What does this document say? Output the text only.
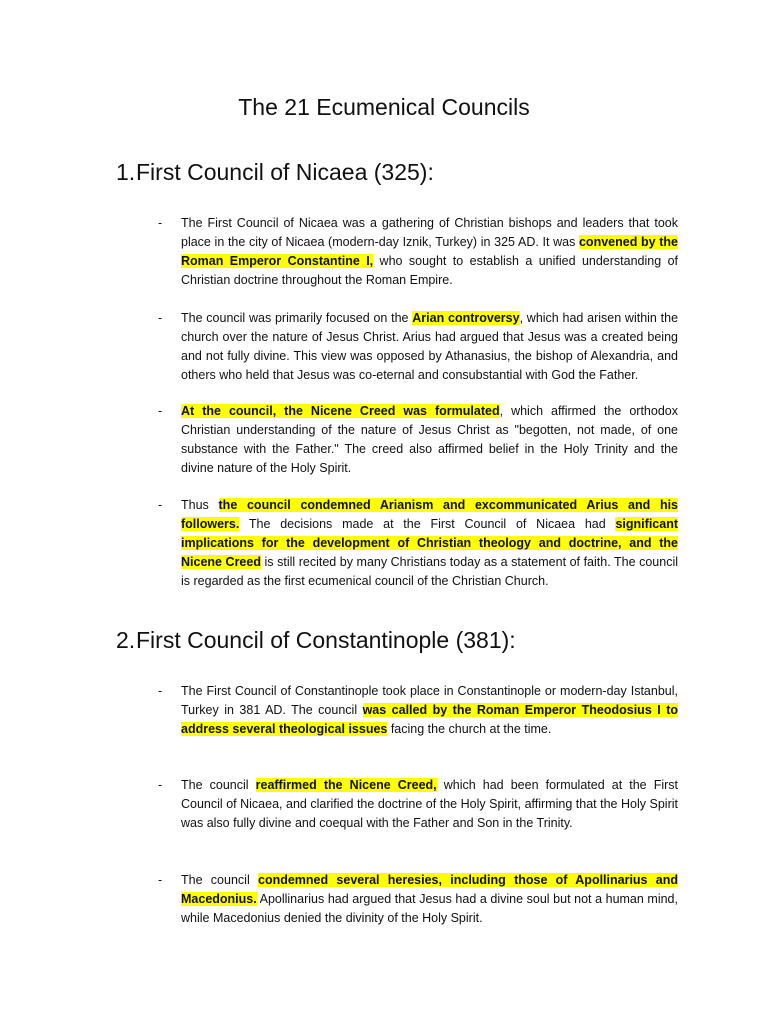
The 21 Ecumenical Councils
1.First Council of Nicaea (325):
- The First Council of Nicaea was a gathering of Christian bishops and leaders that took place in the city of Nicaea (modern-day Iznik, Turkey) in 325 AD. It was convened by the Roman Emperor Constantine I, who sought to establish a unified understanding of Christian doctrine throughout the Roman Empire.
- The council was primarily focused on the Arian controversy, which had arisen within the church over the nature of Jesus Christ. Arius had argued that Jesus was a created being and not fully divine. This view was opposed by Athanasius, the bishop of Alexandria, and others who held that Jesus was co-eternal and consubstantial with God the Father.
- At the council, the Nicene Creed was formulated, which affirmed the orthodox Christian understanding of the nature of Jesus Christ as "begotten, not made, of one substance with the Father." The creed also affirmed belief in the Holy Trinity and the divine nature of the Holy Spirit.
- Thus the council condemned Arianism and excommunicated Arius and his followers. The decisions made at the First Council of Nicaea had significant implications for the development of Christian theology and doctrine, and the Nicene Creed is still recited by many Christians today as a statement of faith. The council is regarded as the first ecumenical council of the Christian Church.
2.First Council of Constantinople (381):
- The First Council of Constantinople took place in Constantinople or modern-day Istanbul, Turkey in 381 AD. The council was called by the Roman Emperor Theodosius I to address several theological issues facing the church at the time.
- The council reaffirmed the Nicene Creed, which had been formulated at the First Council of Nicaea, and clarified the doctrine of the Holy Spirit, affirming that the Holy Spirit was also fully divine and coequal with the Father and Son in the Trinity.
- The council condemned several heresies, including those of Apollinarius and Macedonius. Apollinarius had argued that Jesus had a divine soul but not a human mind, while Macedonius denied the divinity of the Holy Spirit.
